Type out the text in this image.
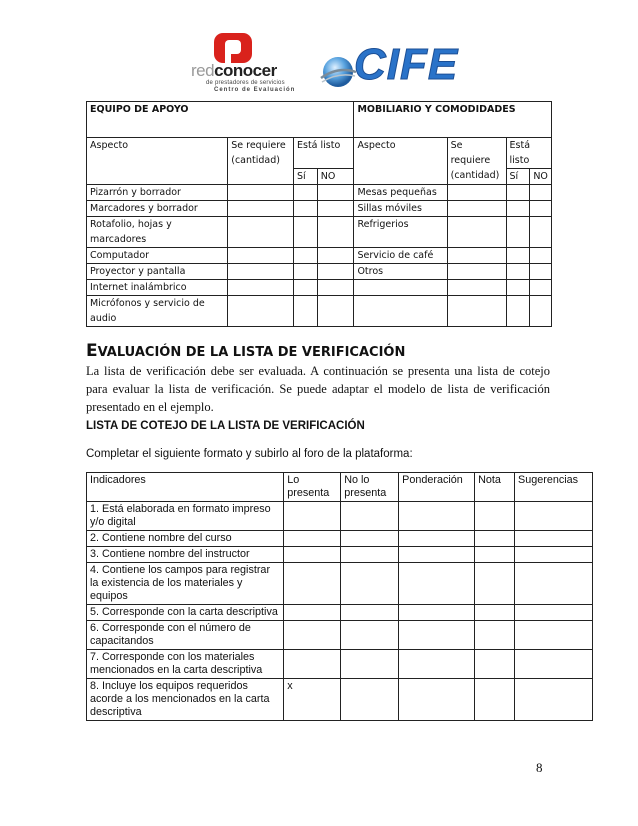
redconocer
de prestadores de servicios
Centro de Evaluación
CIFE
EQUIPO DE APOYO				MOBILIARIO Y COMODIDADES			
Aspecto	Se requiere (cantidad)	Está listo		Aspecto	Se requiere (cantidad)	Está listo	
		Sí	NO			Sí	NO
Pizarrón y borrador				Mesas pequeñas			
Marcadores y borrador				Sillas móviles			
Rotafolio, hojas y marcadores				Refrigerios			
Computador				Servicio de café			
Proyector y pantalla				Otros			
Internet inalámbrico							
Micrófonos y servicio de audio							
EVALUACIÓN DE LA LISTA DE VERIFICACIÓN
La lista de verificación debe ser evaluada. A continuación se presenta una lista de cotejo para evaluar la lista de verificación. Se puede adaptar el modelo de lista de verificación presentado en el ejemplo.
LISTA DE COTEJO DE LA LISTA DE VERIFICACIÓN
Completar el siguiente formato y subirlo al foro de la plataforma:
Indicadores	Lo presenta	No lo presenta	Ponderación	Nota	Sugerencias
1. Está elaborada en formato impreso y/o digital					
2. Contiene nombre del curso					
3. Contiene nombre del instructor					
4. Contiene los campos para registrar la existencia de los materiales y equipos					
5. Corresponde con la carta descriptiva					
6. Corresponde con el número de capacitandos					
7. Corresponde con los materiales mencionados en la carta descriptiva					
8. Incluye los equipos requeridos acorde a los mencionados en la carta descriptiva	x				
8
